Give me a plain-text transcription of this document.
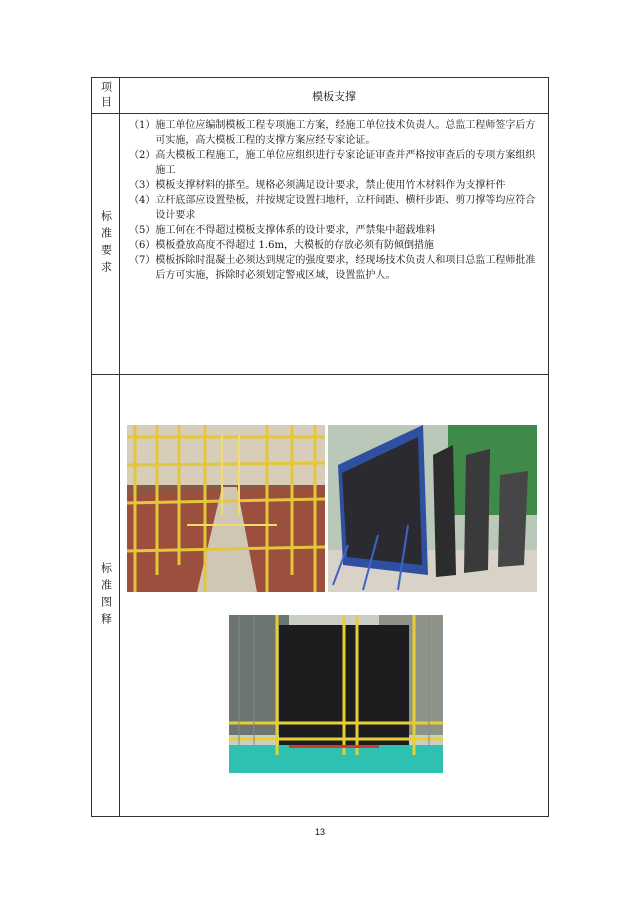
项目	模板支撑
标准要求
（1） 施工单位应编制模板工程专项施工方案，经施工单位技术负责人。总监工程师签字后方可实施，高大模板工程的支撑方案应经专家论证。
（2） 高大模板工程施工，施工单位应组织进行专家论证审查并严格按审查后的专项方案组织施工
（3） 模板支撑材料的搽至。规格必须满足设计要求，禁止使用竹木材料作为支撑杆件
（4） 立杆底部应设置垫板，并按规定设置扫地杆，立杆间距、横杆步距、剪刀撑等均应符合设计要求
（5） 施工何在不得超过模板支撑体系的设计要求，严禁集中超载堆料
（6） 模板叠放高度不得超过 1.6m，大模板的存放必须有防倾倒措施
（7） 模板拆除时混凝土必须达到规定的强度要求，经现场技术负责人和项目总监工程师批准后方可实施，拆除时必须划定警戒区域，设置监护人。
标准图释
13
